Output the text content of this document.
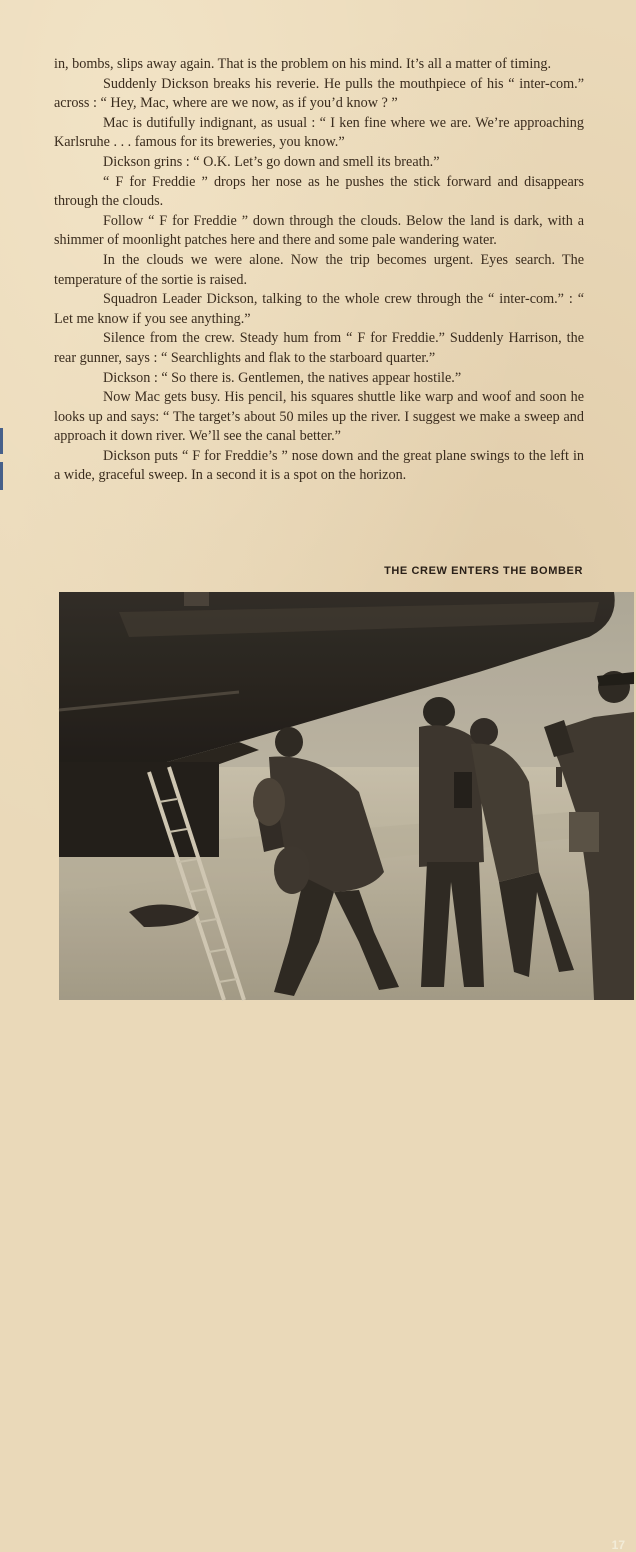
in, bombs, slips away again. That is the problem on his mind. It’s all a matter of timing.

Suddenly Dickson breaks his reverie. He pulls the mouthpiece of his “ inter-com.” across : “ Hey, Mac, where are we now, as if you’d know ? ”

Mac is dutifully indignant, as usual : “ I ken fine where we are. We’re approaching Karlsruhe . . . famous for its breweries, you know.”

Dickson grins : “ O.K. Let’s go down and smell its breath.”

“ F for Freddie ” drops her nose as he pushes the stick forward and disappears through the clouds.

Follow “ F for Freddie ” down through the clouds. Below the land is dark, with a shimmer of moonlight patches here and there and some pale wandering water.

In the clouds we were alone. Now the trip becomes urgent. Eyes search. The temperature of the sortie is raised.

Squadron Leader Dickson, talking to the whole crew through the “ inter-com.” : “ Let me know if you see anything.”

Silence from the crew. Steady hum from “ F for Freddie.” Suddenly Harrison, the rear gunner, says : “ Searchlights and flak to the starboard quarter.”

Dickson : “ So there is. Gentlemen, the natives appear hostile.”

Now Mac gets busy. His pencil, his squares shuttle like warp and woof and soon he looks up and says: “ The target’s about 50 miles up the river. I suggest we make a sweep and approach it down river. We’ll see the canal better.”

Dickson puts “ F for Freddie’s ” nose down and the great plane swings to the left in a wide, graceful sweep. In a second it is a spot on the horizon.

THE CREW ENTERS THE BOMBER
17
